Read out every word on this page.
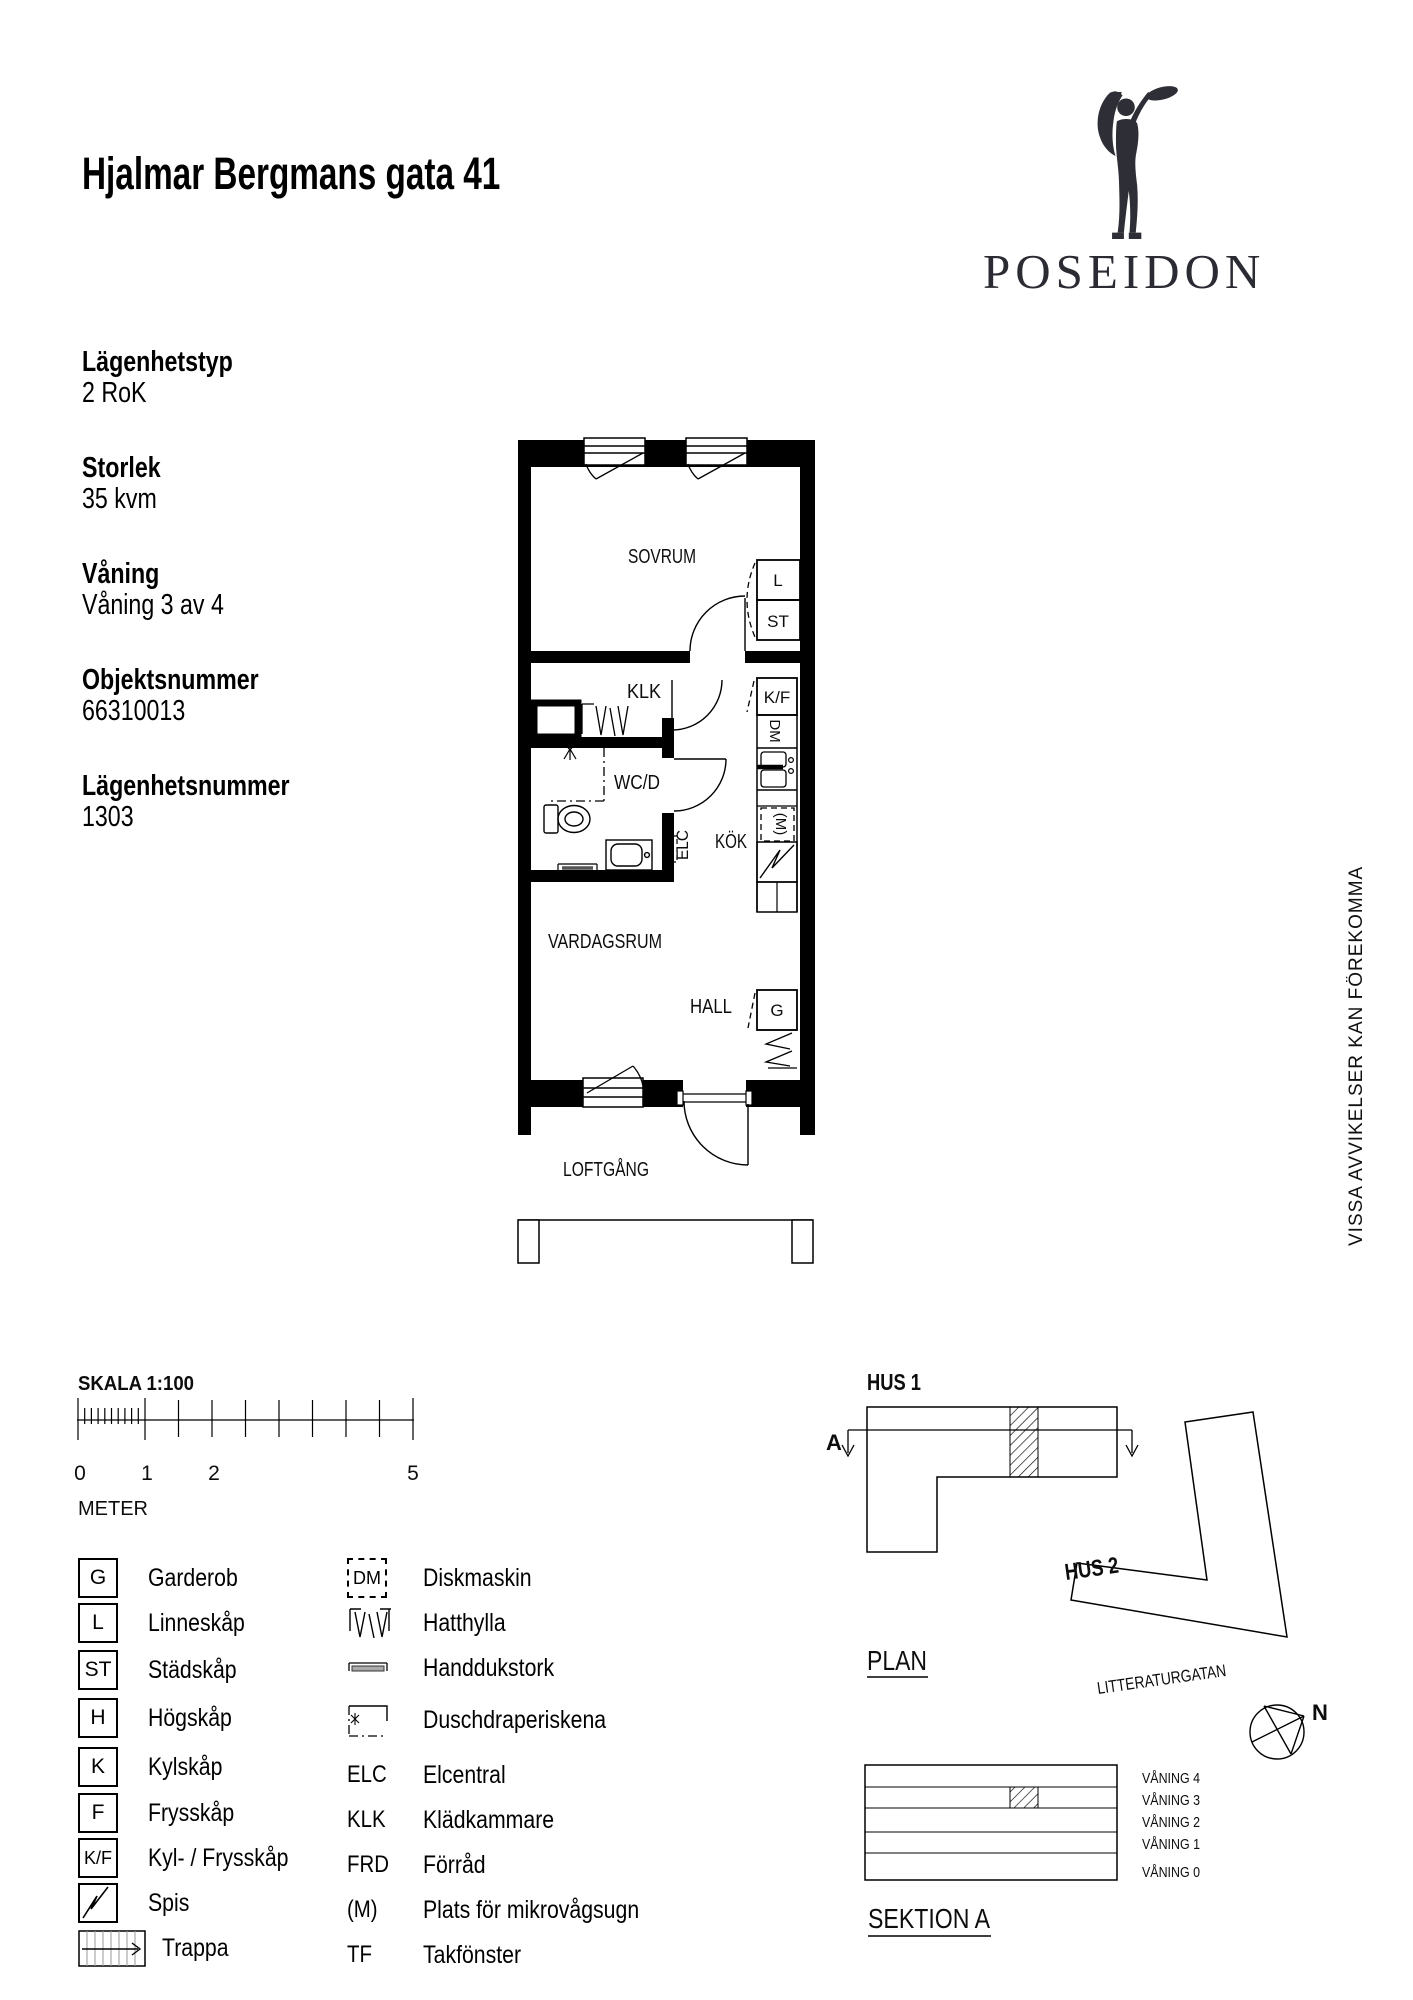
Hjalmar Bergmans gata 41
POSEIDON
Lägenhetstyp
2 RoK
Storlek
35 kvm
Våning
Våning 3 av 4
Objektsnummer
66310013
Lägenhetsnummer
1303
VISSA AVVIKELSER KAN FÖREKOMMA
SOVRUM
KLK
WC/D
KÖK
VARDAGSRUM
HALL
LOFTGÅNG
ELC
L
ST
K/F
G
DM
(M)
SKALA 1:100
0	1	2	5
METER
G	Garderob
L	Linneskåp
ST Städskåp
H	Högskåp
K	Kylskåp
F	Frysskåp
K/F Kyl- / Frysskåp
Spis
Trappa
DM Diskmaskin
Hatthylla
Handdukstork
Duschdraperiskena
ELC Elcentral
KLK Klädkammare
FRD Förråd
(M) Plats för mikrovågsugn
TF Takfönster
HUS 1
A
HUS 2
LITTERATURGATAN
PLAN
N
VÅNING 4
VÅNING 3
VÅNING 2
VÅNING 1
VÅNING 0
SEKTION A
